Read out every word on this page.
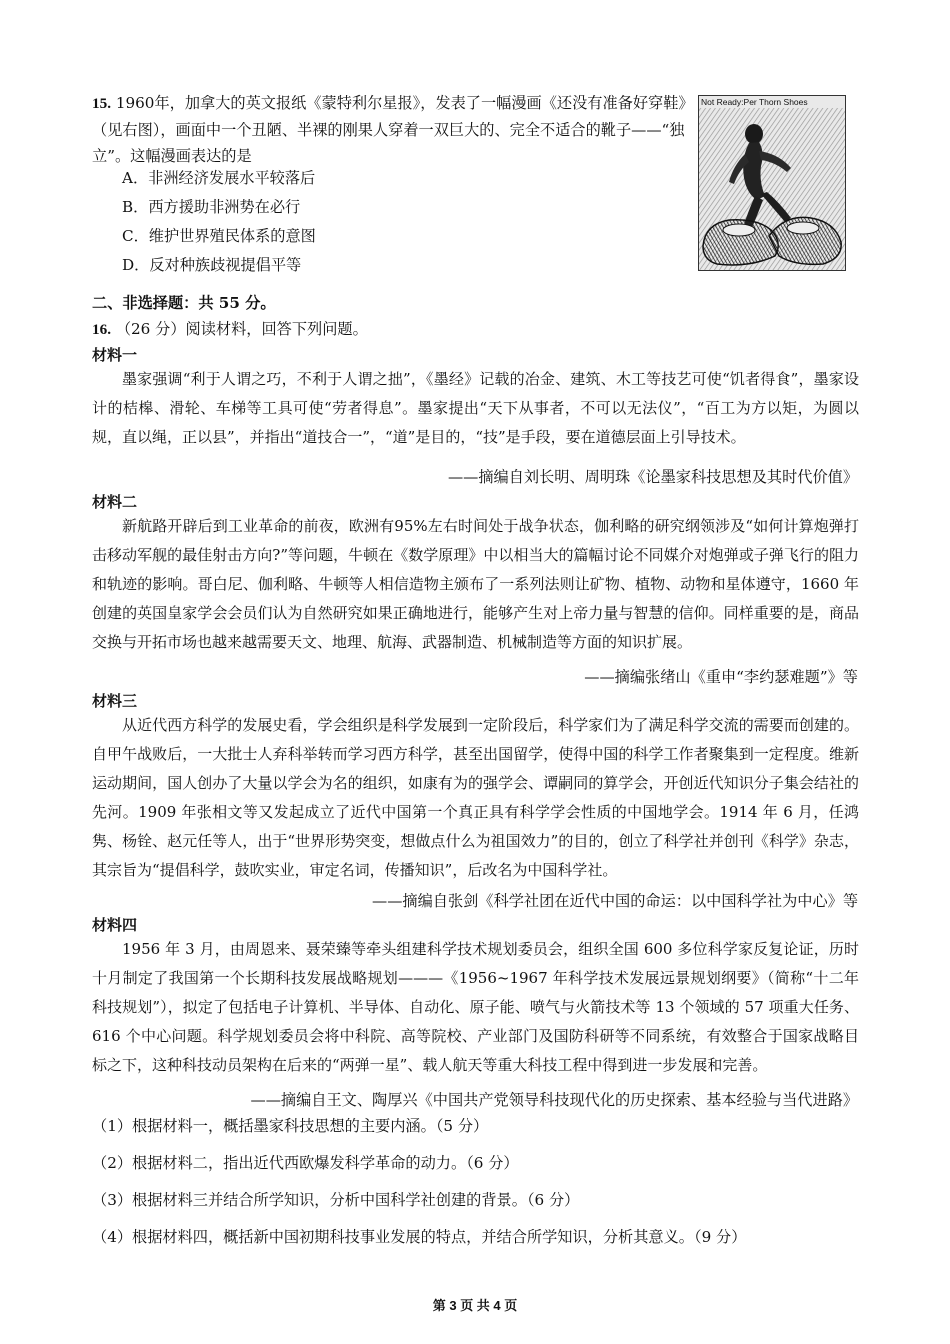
15. 1960年，加拿大的英文报纸《蒙特利尔星报》，发表了一幅漫画《还没有准备好穿鞋》（见右图），画面中一个丑陋、半裸的刚果人穿着一双巨大的、完全不适合的靴子——“独立”。这幅漫画表达的是
A．非洲经济发展水平较落后
B．西方援助非洲势在必行
C．维护世界殖民体系的意图
D．反对种族歧视提倡平等
Not Ready:Per Thorn Shoes
二、非选择题：共 55 分。
16. （26 分）阅读材料，回答下列问题。
材料一
墨家强调“利于人谓之巧，不利于人谓之拙”，《墨经》记载的冶金、建筑、木工等技艺可使“饥者得食”，墨家设计的桔槔、滑轮、车梯等工具可使“劳者得息”。墨家提出“天下从事者，不可以无法仪”，“百工为方以矩，为圆以规，直以绳，正以县”，并指出“道技合一”，“道”是目的，“技”是手段，要在道德层面上引导技术。
——摘编自刘长明、周明珠《论墨家科技思想及其时代价值》
材料二
新航路开辟后到工业革命的前夜，欧洲有95%左右时间处于战争状态，伽利略的研究纲领涉及“如何计算炮弹打击移动军舰的最佳射击方向?”等问题，牛顿在《数学原理》中以相当大的篇幅讨论不同媒介对炮弹或子弹飞行的阻力和轨迹的影响。哥白尼、伽利略、牛顿等人相信造物主颁布了一系列法则让矿物、植物、动物和星体遵守，1660 年创建的英国皇家学会会员们认为自然研究如果正确地进行，能够产生对上帝力量与智慧的信仰。同样重要的是，商品交换与开拓市场也越来越需要天文、地理、航海、武器制造、机械制造等方面的知识扩展。
——摘编张绪山《重申“李约瑟难题”》等
材料三
从近代西方科学的发展史看，学会组织是科学发展到一定阶段后，科学家们为了满足科学交流的需要而创建的。自甲午战败后，一大批士人弃科举转而学习西方科学，甚至出国留学，使得中国的科学工作者聚集到一定程度。维新运动期间，国人创办了大量以学会为名的组织，如康有为的强学会、谭嗣同的算学会，开创近代知识分子集会结社的先河。1909 年张相文等又发起成立了近代中国第一个真正具有科学学会性质的中国地学会。1914 年 6 月，任鸿隽、杨铨、赵元任等人，出于“世界形势突变，想做点什么为祖国效力”的目的，创立了科学社并创刊《科学》杂志，其宗旨为“提倡科学，鼓吹实业，审定名词，传播知识”，后改名为中国科学社。
——摘编自张剑《科学社团在近代中国的命运：以中国科学社为中心》等
材料四
1956 年 3 月，由周恩来、聂荣臻等牵头组建科学技术规划委员会，组织全国 600 多位科学家反复论证，历时十月制定了我国第一个长期科技发展战略规划———《1956~1967 年科学技术发展远景规划纲要》（简称“十二年科技规划”），拟定了包括电子计算机、半导体、自动化、原子能、喷气与火箭技术等 13 个领域的 57 项重大任务、616 个中心问题。科学规划委员会将中科院、高等院校、产业部门及国防科研等不同系统，有效整合于国家战略目标之下，这种科技动员架构在后来的“两弹一星”、载人航天等重大科技工程中得到进一步发展和完善。
——摘编自王文、陶厚兴《中国共产党领导科技现代化的历史探索、基本经验与当代进路》
（1）根据材料一，概括墨家科技思想的主要内涵。（5 分）
（2）根据材料二，指出近代西欧爆发科学革命的动力。（6 分）
（3）根据材料三并结合所学知识，分析中国科学社创建的背景。（6 分）
（4）根据材料四，概括新中国初期科技事业发展的特点，并结合所学知识，分析其意义。（9 分）
第 3 页 共 4 页
